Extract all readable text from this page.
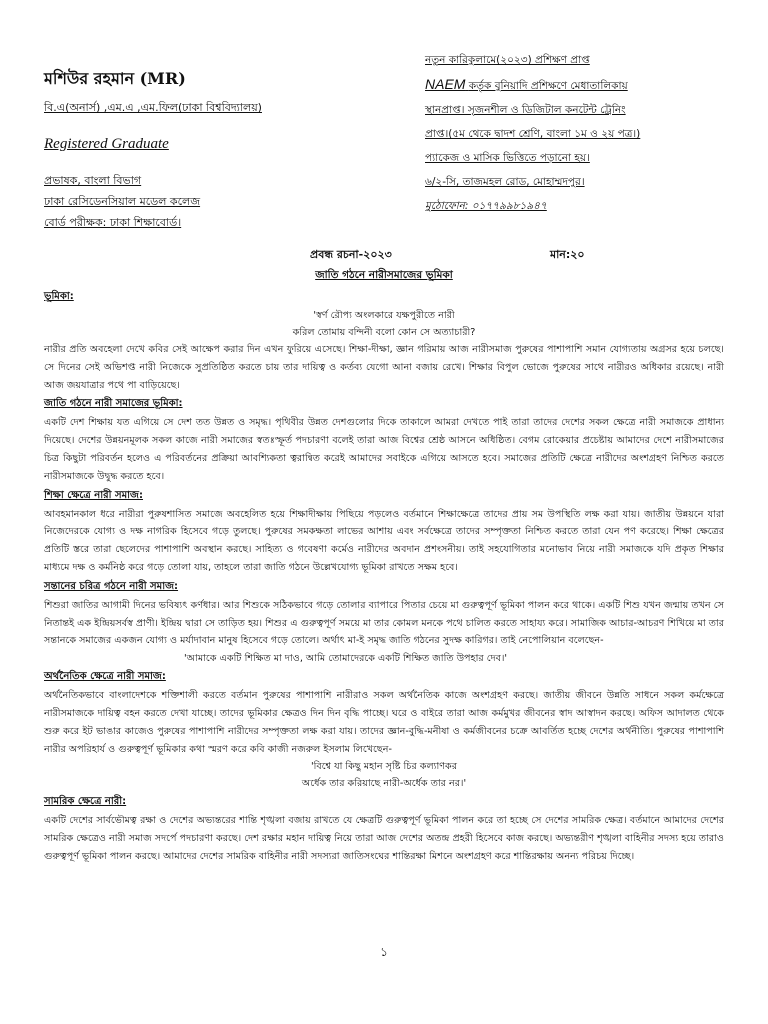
মশিউর রহমান (MR)

বি.এ(অনার্স) ,এম.এ ,এম.ফিল(ঢাকা বিশ্ববিদ্যালয়)

Registered Graduate

প্রভাষক, বাংলা বিভাগ

ঢাকা রেসিডেনসিয়াল মডেল কলেজ

বোর্ড পরীক্ষক: ঢাকা শিক্ষাবোর্ড।

নতুন কারিকুলামে(২০২৩) প্রশিক্ষণ প্রাপ্ত

NAEM কর্তৃক বুনিয়াদি প্রশিক্ষণে মেধাতালিকায়

স্থানপ্রাপ্ত। সৃজনশীল ও ডিজিটাল কনটেন্ট ট্রেনিং

প্রাপ্ত।(৫ম থেকে দ্বাদশ শ্রেণি, বাংলা ১ম ও ২য় পত্র।)

প্যাকেজ ও মাসিক ভিত্তিতে পড়ানো হয়।

৬/২-সি, তাজমহল রোড, মোহাম্মদপুর।

মুঠোফোন: ০১৭৭৯৯৮১৯৪৭

প্রবন্ধ রচনা-২০২৩	মান:২০
জাতি গঠনে নারীসমাজের ভূমিকা
ভূমিকা:

'স্বর্ণ রৌপ্য অংলকারে যক্ষপুরীতে নারী

করিল তোমায় বন্দিনী বলো কোন সে অত্যাচারী?

নারীর প্রতি অবহেলা দেখে কবির সেই আক্ষেপ করার দিন এখন ফুরিয়ে এসেছে। শিক্ষা-দীক্ষা, জ্ঞান গরিমায় আজ নারীসমাজ পুরুষের পাশাপাশি সমান যোগ্যতায় অগ্রসর হয়ে চলছে। সে দিনের সেই অভিশপ্ত নারী নিজেকে সুপ্রতিষ্ঠিত করতে চায় তার দায়িত্ব ও কর্তব্য যেগো আনা বজায় রেখে। শিক্ষার বিপুল ভোজে পুরুষের সাথে নারীরও অধিকার রয়েছে। নারী আজ জয়যাত্রার পথে পা বাড়িয়েছে।

জাতি গঠনে নারী সমাজের ভূমিকা:

একটি দেশ শিক্ষায় যত এগিয়ে সে দেশ তত উন্নত ও সমৃদ্ধ। পৃথিবীর উন্নত দেশগুলোর দিকে তাকালে আমরা দেখতে পাই তারা তাদের দেশের সকল ক্ষেত্রে নারী সমাজকে প্রাধান্য দিয়েছে। দেশের উন্নয়নমূলক সকল কাজে নারী সমাজের স্বতঃস্ফূর্ত পদচারণা বলেই তারা আজ বিশ্বের শ্রেষ্ঠ আসনে অধিষ্ঠিত। বেগম রোকেয়ার প্রচেষ্টায় আমাদের দেশে নারীসমাজের চিত্র কিছুটা পরিবর্তন হলেও এ পরিবর্তনের প্রক্রিয়া আবশ্যিকতা ত্বরান্বিত করেই আমাদের সবাইকে এগিয়ে আসতে হবে। সমাজের প্রতিটি ক্ষেত্রে নারীদের অংশগ্রহণ নিশ্চিত করতে নারীসমাজকে উদ্বুদ্ধ করতে হবে।

শিক্ষা ক্ষেত্রে নারী সমাজ:

আবহমানকাল ধরে নারীরা পুরুষশাসিত সমাজে অবহেলিত হয়ে শিক্ষাদীক্ষায় পিছিয়ে পড়লেও বর্তমানে শিক্ষাক্ষেত্রে তাদের প্রায় সম উপস্থিতি লক্ষ করা যায়। জাতীয় উন্নয়নে যারা নিজেদেরকে যোগ্য ও দক্ষ নাগরিক হিসেবে গড়ে তুলছে। পুরুষের সমকক্ষতা লাভের আশায় এবং সর্বক্ষেত্রে তাদের সম্পৃক্ততা নিশ্চিত করতে তারা যেন পণ করেছে। শিক্ষা ক্ষেত্রের প্রতিটি স্তরে তারা ছেলেদের পাশাপাশি অবস্থান করছে। সাহিত্য ও গবেষণা কর্মেও নারীদের অবদান প্রশংসনীয়। তাই সহযোগিতার মনোভাব নিয়ে নারী সমাজকে যদি প্রকৃত শিক্ষার মাধ্যমে দক্ষ ও কর্মনিষ্ঠ করে গড়ে তোলা যায়, তাহলে তারা জাতি গঠনে উল্লেখযোগ্য ভূমিকা রাখতে সক্ষম হবে।

সন্তানের চরিত্র গঠনে নারী সমাজ:

শিশুরা জাতির আগামী দিনের ভবিষ্যৎ কর্ণধার। আর শিশুকে সঠিকভাবে গড়ে তোলার ব্যাপারে পিতার চেয়ে মা গুরুত্বপূর্ণ ভূমিকা পালন করে থাকে। একটি শিশু যখন জন্মায় তখন সে নিতান্তই এক ইন্দ্রিয়সর্বস্ব প্রাণী। ইন্দ্রিয় দ্বারা সে তাড়িত হয়। শিশুর এ গুরুত্বপূর্ণ সময়ে মা তার কোমল মনকে পথে চালিত করতে সাহায্য করে। সামাজিক আচার-আচরণ শিখিয়ে মা তার সন্তানকে সমাজের একজন যোগ্য ও মর্যাদাবান মানুষ হিসেবে গড়ে তোলে। অর্থাৎ মা-ই সমৃদ্ধ জাতি গঠনের সুদক্ষ কারিগর। তাই নেপোলিয়ান বলেছেন-

'আমাকে একটি শিক্ষিত মা দাও, আমি তোমাদেরকে একটি শিক্ষিত জাতি উপহার দেব।'

অর্থনৈতিক ক্ষেত্রে নারী সমাজ:

অর্থনৈতিকভাবে বাংলাদেশকে শক্তিশালী করতে বর্তমান পুরুষের পাশাপাশি নারীরাও সকল অর্থনৈতিক কাজে অংশগ্রহণ করছে। জাতীয় জীবনে উন্নতি সাধনে সকল কর্মক্ষেত্রে নারীসমাজকে দায়িত্ব বহন করতে দেখা যাচ্ছে। তাদের ভূমিকার ক্ষেত্রও দিন দিন বৃদ্ধি পাচ্ছে। ঘরে ও বাইরে তারা আজ কর্মমুখর জীবনের স্বাদ আস্বাদন করছে। অফিস আদালত থেকে শুরু করে ইট ভাঙার কাজেও পুরুষের পাশাপাশি নারীদের সম্পৃক্ততা লক্ষ করা যায়। তাদের জ্ঞান-বুদ্ধি-মনীষা ও কর্মজীবনের চক্রে আবর্তিত হচ্ছে দেশের অর্থনীতি। পুরুষের পাশাপাশি নারীর অপরিহার্য ও গুরুত্বপূর্ণ ভূমিকার কথা স্মরণ করে কবি কাজী নজরুল ইসলাম লিখেছেন-

'বিশ্বে যা কিছু মহান সৃষ্টি চির কল্যাণকর

অর্ধেক তার করিয়াছে নারী-অর্ধেক তার নর।'

সামরিক ক্ষেত্রে নারী:

একটি দেশের সার্বভৌমত্ব রক্ষা ও দেশের অভ্যন্তরের শান্তি শৃঙ্খলা বজায় রাখতে যে ক্ষেত্রটি গুরুত্বপূর্ণ ভূমিকা পালন করে তা হচ্ছে সে দেশের সামরিক ক্ষেত্র। বর্তমানে আমাদের দেশের সামরিক ক্ষেত্রেও নারী সমাজ সদর্পে পদচারণা করছে। দেশ রক্ষার মহান দায়িত্ব নিয়ে তারা আজ দেশের অতন্দ্র প্রহরী হিসেবে কাজ করছে। অভ্যন্তরীণ শৃঙ্খলা বাহিনীর সদস্য হয়ে তারাও গুরুত্বপূর্ণ ভূমিকা পালন করছে। আমাদের দেশের সামরিক বাহিনীর নারী সদস্যরা জাতিসংঘের শান্তিরক্ষা মিশনে অংশগ্রহণ করে শান্তিরক্ষায় অনন্য পরিচয় দিচ্ছে।

১
